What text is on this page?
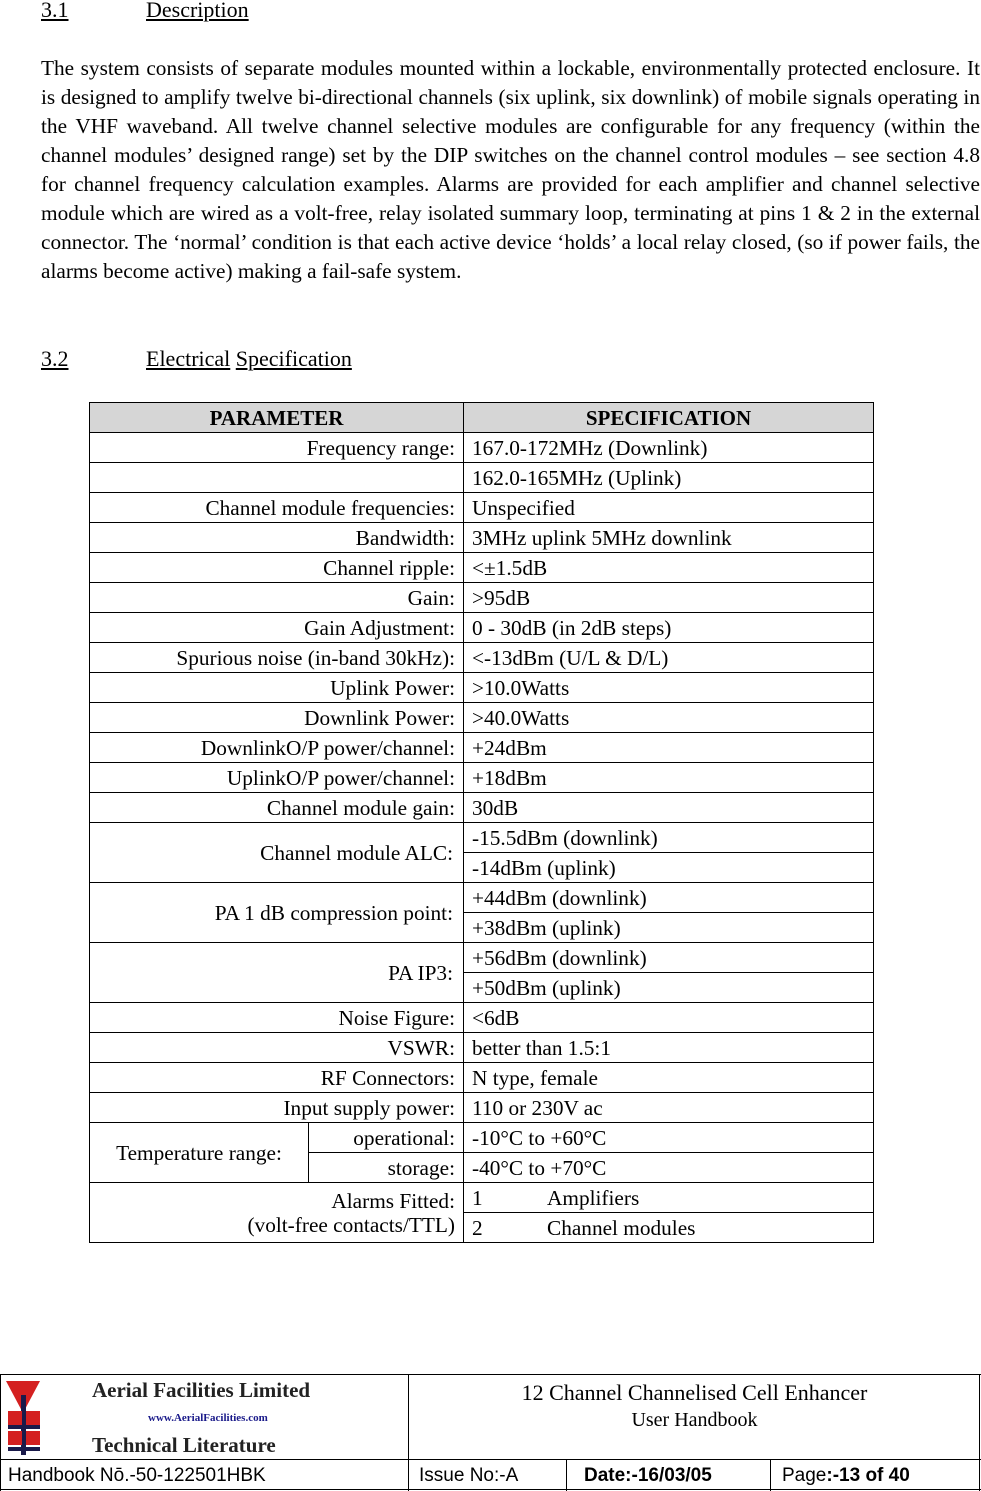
3.1	Description

The system consists of separate modules mounted within a lockable, environmentally protected enclosure. It is designed to amplify twelve bi-directional channels (six uplink, six downlink) of mobile signals operating in the VHF waveband. All twelve channel selective modules are configurable for any frequency (within the channel modules’ designed range) set by the DIP switches on the channel control modules – see section 4.8 for channel frequency calculation examples. Alarms are provided for each amplifier and channel selective module which are wired as a volt-free, relay isolated summary loop, terminating at pins 1 & 2 in the external connector. The ‘normal’ condition is that each active device ‘holds’ a local relay closed, (so if power fails, the alarms become active) making a fail-safe system.

3.2	Electrical Specification
PARAMETER		SPECIFICATION
Frequency range:		167.0-172MHz (Downlink)
		162.0-165MHz (Uplink)
Channel module frequencies:		Unspecified
Bandwidth:		3MHz uplink 5MHz downlink
Channel ripple:		<±1.5dB
Gain:		>95dB
Gain Adjustment:		0 - 30dB (in 2dB steps)
Spurious noise (in-band 30kHz):		<-13dBm (U/L & D/L)
Uplink Power:		>10.0Watts
Downlink Power:		>40.0Watts
DownlinkO/P power/channel:		+24dBm
UplinkO/P power/channel:		+18dBm
Channel module gain:		30dB
Channel module ALC:		-15.5dBm (downlink)
		-14dBm (uplink)
PA 1 dB compression point:		+44dBm (downlink)
		+38dBm (uplink)
PA IP3:		+56dBm (downlink)
		+50dBm (uplink)
Noise Figure:		<6dB
VSWR:		better than 1.5:1
RF Connectors:		N type, female
Input supply power:		110 or 230V ac
Temperature range:	operational:	-10°C to +60°C
	storage:	-40°C to +70°C

Alarms Fitted:
(volt-free contacts/TTL)		1 Amplifiers
		2 Channel modules
Aerial Facilities Limited
www.AerialFacilities.com
Technical Literature
12 Channel Channelised Cell Enhancer
User Handbook
Handbook Nō.-50-122501HBK	Issue No:-A	Date:-16/03/05	Page:-13 of 40
